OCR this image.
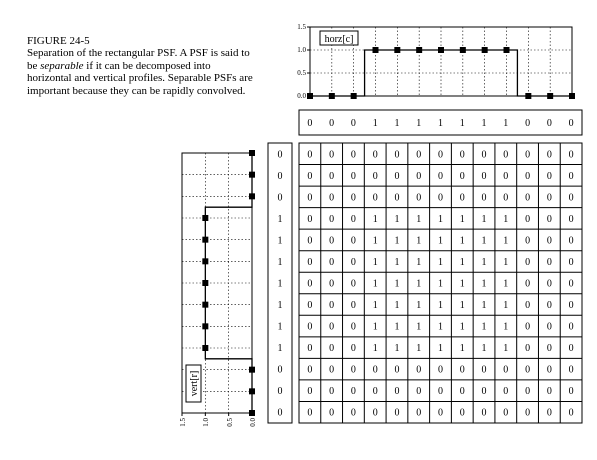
FIGURE 24-5
Separation of the rectangular PSF. A PSF is said to be separable if it can be decomposed into horizontal and vertical profiles. Separable PSFs are important because they can be rapidly convolved.	0.0
0.5
1.0
1.5
horz[c]
1.5 1.0 0.5 0.0
vert[r]
0 0 0 1 1 1 1 1 1 1 0 0 0
0
0
0
1
1
1
1
1
1
1
0
0
0
0 0 0 0 0 0 0 0 0 0 0 0 0
0 0 0 0 0 0 0 0 0 0 0 0 0
0 0 0 0 0 0 0 0 0 0 0 0 0
0 0 0 1 1 1 1 1 1 1 0 0 0
0 0 0 1 1 1 1 1 1 1 0 0 0
0 0 0 1 1 1 1 1 1 1 0 0 0
0 0 0 1 1 1 1 1 1 1 0 0 0
0 0 0 1 1 1 1 1 1 1 0 0 0
0 0 0 1 1 1 1 1 1 1 0 0 0
0 0 0 1 1 1 1 1 1 1 0 0 0
0 0 0 0 0 0 0 0 0 0 0 0 0
0 0 0 0 0 0 0 0 0 0 0 0 0
0 0 0 0 0 0 0 0 0 0 0 0 0
